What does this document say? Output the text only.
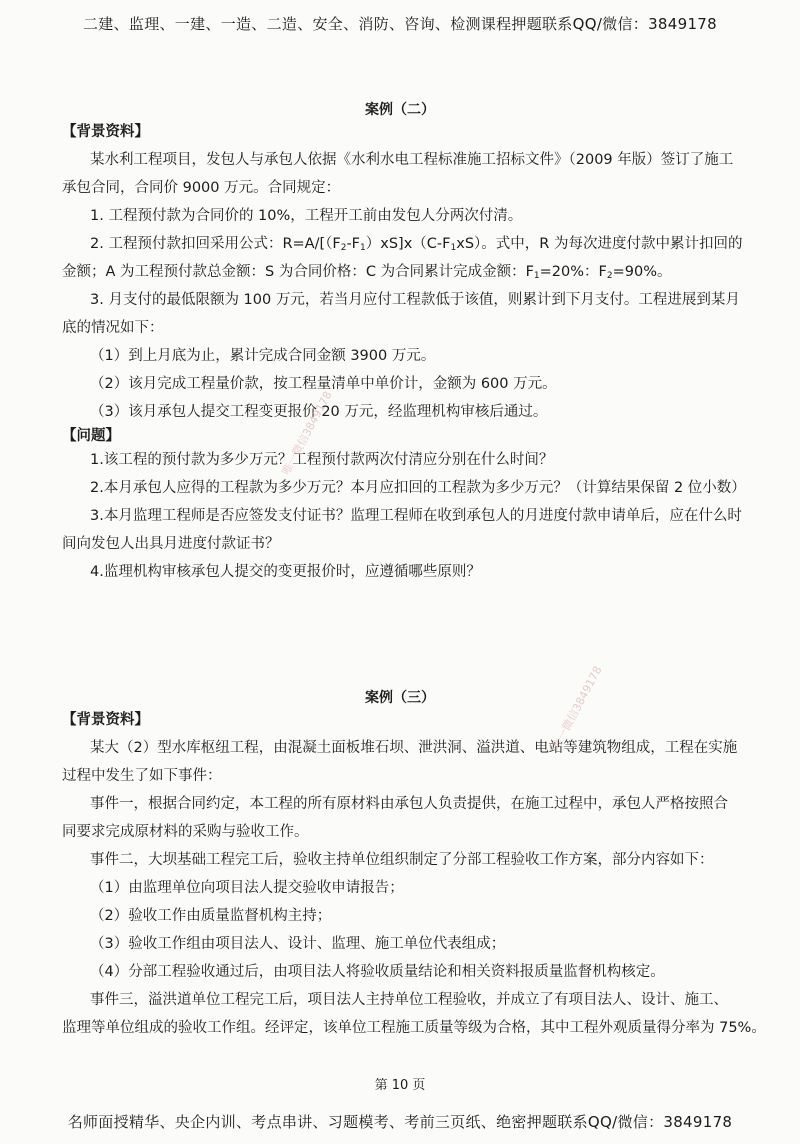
二建、监理、一建、一造、二造、安全、消防、咨询、检测课程押题联系QQ/微信：3849178
案例（二）
【背景资料】
某水利工程项目，发包人与承包人依据《水利水电工程标准施工招标文件》（2009 年版）签订了施工
承包合同，合同价 9000 万元。合同规定：
1. 工程预付款为合同价的 10%，工程开工前由发包人分两次付清。
2. 工程预付款扣回采用公式：$R=A/[(F_2-F_1)xS]x(C-F_1xS)$。式中，R 为每次进度付款中累计扣回的
金额；A 为工程预付款总金额：S 为合同价格：C 为合同累计完成金额：$F_1=20\%$：$F_2=90\%$。
3. 月支付的最低限额为 100 万元，若当月应付工程款低于该值，则累计到下月支付。工程进展到某月
底的情况如下：
（1）到上月底为止，累计完成合同金额 3900 万元。
（2）该月完成工程量价款，按工程量清单中单价计，金额为 600 万元。
（3）该月承包人提交工程变更报价 20 万元，经监理机构审核后通过。
【问题】
1.该工程的预付款为多少万元？工程预付款两次付清应分别在什么时间？
2.本月承包人应得的工程款为多少万元？本月应扣回的工程款为多少万元？（计算结果保留 2 位小数）
3.本月监理工程师是否应签发支付证书？监理工程师在收到承包人的月进度付款申请单后，应在什么时
间向发包人出具月进度付款证书？
4.监理机构审核承包人提交的变更报价时，应遵循哪些原则？
案例（三）
【背景资料】
某大（2）型水库枢纽工程，由混凝土面板堆石坝、泄洪洞、溢洪道、电站等建筑物组成，工程在实施
过程中发生了如下事件：
事件一，根据合同约定，本工程的所有原材料由承包人负责提供，在施工过程中，承包人严格按照合
同要求完成原材料的采购与验收工作。
事件二，大坝基础工程完工后，验收主持单位组织制定了分部工程验收工作方案，部分内容如下：
（1）由监理单位向项目法人提交验收申请报告；
（2）验收工作由质量监督机构主持；
（3）验收工作组由项目法人、设计、监理、施工单位代表组成；
（4）分部工程验收通过后，由项目法人将验收质量结论和相关资料报质量监督机构核定。
事件三，溢洪道单位工程完工后，项目法人主持单位工程验收，并成立了有项目法人、设计、施工、
监理等单位组成的验收工作组。经评定，该单位工程施工质量等级为合格，其中工程外观质量得分率为 75%。
第 10 页
名师面授精华、央企内训、考点串讲、习题模考、考前三页纸、绝密押题联系QQ/微信：3849178
唯一微信3849178
唯一微信3849178
